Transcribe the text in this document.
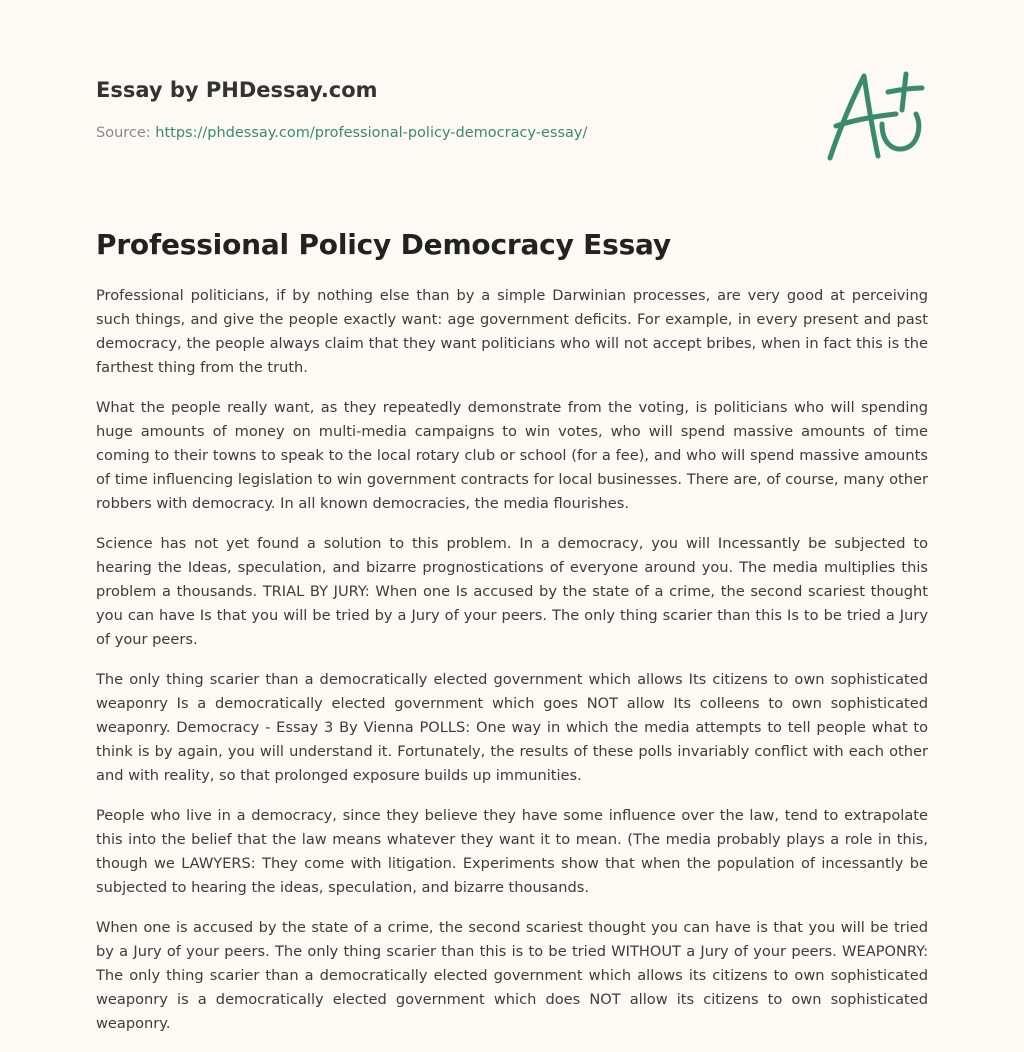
Essay by PHDessay.com
Source: https://phdessay.com/professional-policy-democracy-essay/
Professional Policy Democracy Essay

Professional politicians, if by nothing else than by a simple Darwinian processes, are very good at perceiving such things, and give the people exactly want: age government deficits. For example, in every present and past democracy, the people always claim that they want politicians who will not accept bribes, when in fact this is the farthest thing from the truth.

What the people really want, as they repeatedly demonstrate from the voting, is politicians who will spending huge amounts of money on multi-media campaigns to win votes, who will spend massive amounts of time coming to their towns to speak to the local rotary club or school (for a fee), and who will spend massive amounts of time influencing legislation to win government contracts for local businesses. There are, of course, many other robbers with democracy. In all known democracies, the media flourishes.

Science has not yet found a solution to this problem. In a democracy, you will Incessantly be subjected to hearing the Ideas, speculation, and bizarre prognostications of everyone around you. The media multiplies this problem a thousands. TRIAL BY JURY: When one Is accused by the state of a crime, the second scariest thought you can have Is that you will be tried by a Jury of your peers. The only thing scarier than this Is to be tried a Jury of your peers.

The only thing scarier than a democratically elected government which allows Its citizens to own sophisticated weaponry Is a democratically elected government which goes NOT allow Its colleens to own sophisticated weaponry. Democracy - Essay 3 By Vienna POLLS: One way in which the media attempts to tell people what to think is by again, you will understand it. Fortunately, the results of these polls invariably conflict with each other and with reality, so that prolonged exposure builds up immunities.

People who live in a democracy, since they believe they have some influence over the law, tend to extrapolate this into the belief that the law means whatever they want it to mean. (The media probably plays a role in this, though we LAWYERS: They come with litigation. Experiments show that when the population of incessantly be subjected to hearing the ideas, speculation, and bizarre thousands.

When one is accused by the state of a crime, the second scariest thought you can have is that you will be tried by a Jury of your peers. The only thing scarier than this is to be tried WITHOUT a Jury of your peers. WEAPONRY: The only thing scarier than a democratically elected government which allows its citizens to own sophisticated weaponry is a democratically elected government which does NOT allow its citizens to own sophisticated weaponry.
